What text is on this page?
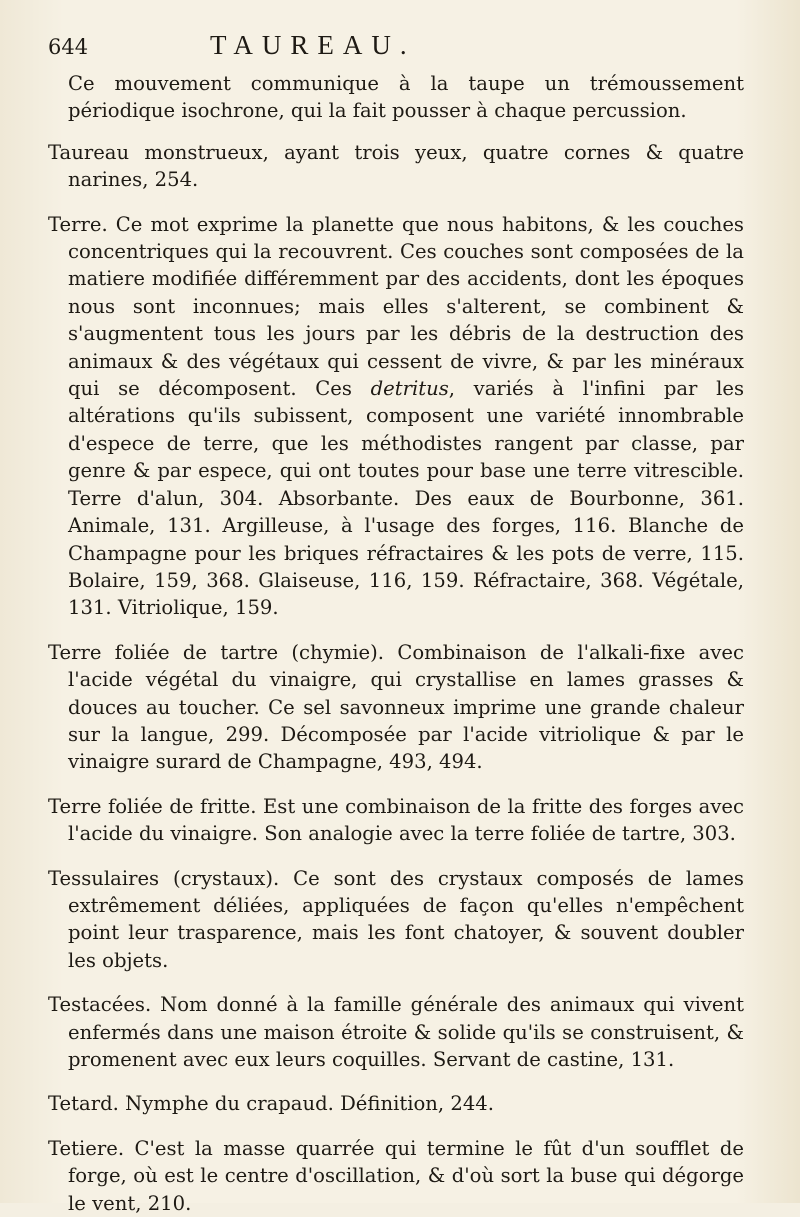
644	TAUREAU.

Ce mouvement communique à la taupe un trémoussement périodique isochrone, qui la fait pousser à chaque percussion.

Taureau monstrueux, ayant trois yeux, quatre cornes & quatre narines, 254.

Terre. Ce mot exprime la planette que nous habitons, & les couches concentriques qui la recouvrent. Ces couches sont composées de la matiere modifiée différemment par des accidents, dont les époques nous sont inconnues; mais elles s'alterent, se combinent & s'augmentent tous les jours par les débris de la destruction des animaux & des végétaux qui cessent de vivre, & par les minéraux qui se décomposent. Ces detritus, variés à l'infini par les altérations qu'ils subissent, composent une variété innombrable d'espece de terre, que les méthodistes rangent par classe, par genre & par espece, qui ont toutes pour base une terre vitrescible. Terre d'alun, 304. Absorbante. Des eaux de Bourbonne, 361. Animale, 131. Argilleuse, à l'usage des forges, 116. Blanche de Champagne pour les briques réfractaires & les pots de verre, 115. Bolaire, 159, 368. Glaiseuse, 116, 159. Réfractaire, 368. Végétale, 131. Vitriolique, 159.

Terre foliée de tartre (chymie). Combinaison de l'alkali-fixe avec l'acide végétal du vinaigre, qui crystallise en lames grasses & douces au toucher. Ce sel savonneux imprime une grande chaleur sur la langue, 299. Décomposée par l'acide vitriolique & par le vinaigre surard de Champagne, 493, 494.

Terre foliée de fritte. Est une combinaison de la fritte des forges avec l'acide du vinaigre. Son analogie avec la terre foliée de tartre, 303.

Tessulaires (crystaux). Ce sont des crystaux composés de lames extrêmement déliées, appliquées de façon qu'elles n'empêchent point leur trasparence, mais les font chatoyer, & souvent doubler les objets.

Testacées. Nom donné à la famille générale des animaux qui vivent enfermés dans une maison étroite & solide qu'ils se construisent, & promenent avec eux leurs coquilles. Servant de castine, 131.

Tetard. Nymphe du crapaud. Définition, 244.

Tetiere. C'est la masse quarrée qui termine le fût d'un soufflet de forge, où est le centre d'oscillation, & d'où sort la buse qui dégorge le vent, 210.
